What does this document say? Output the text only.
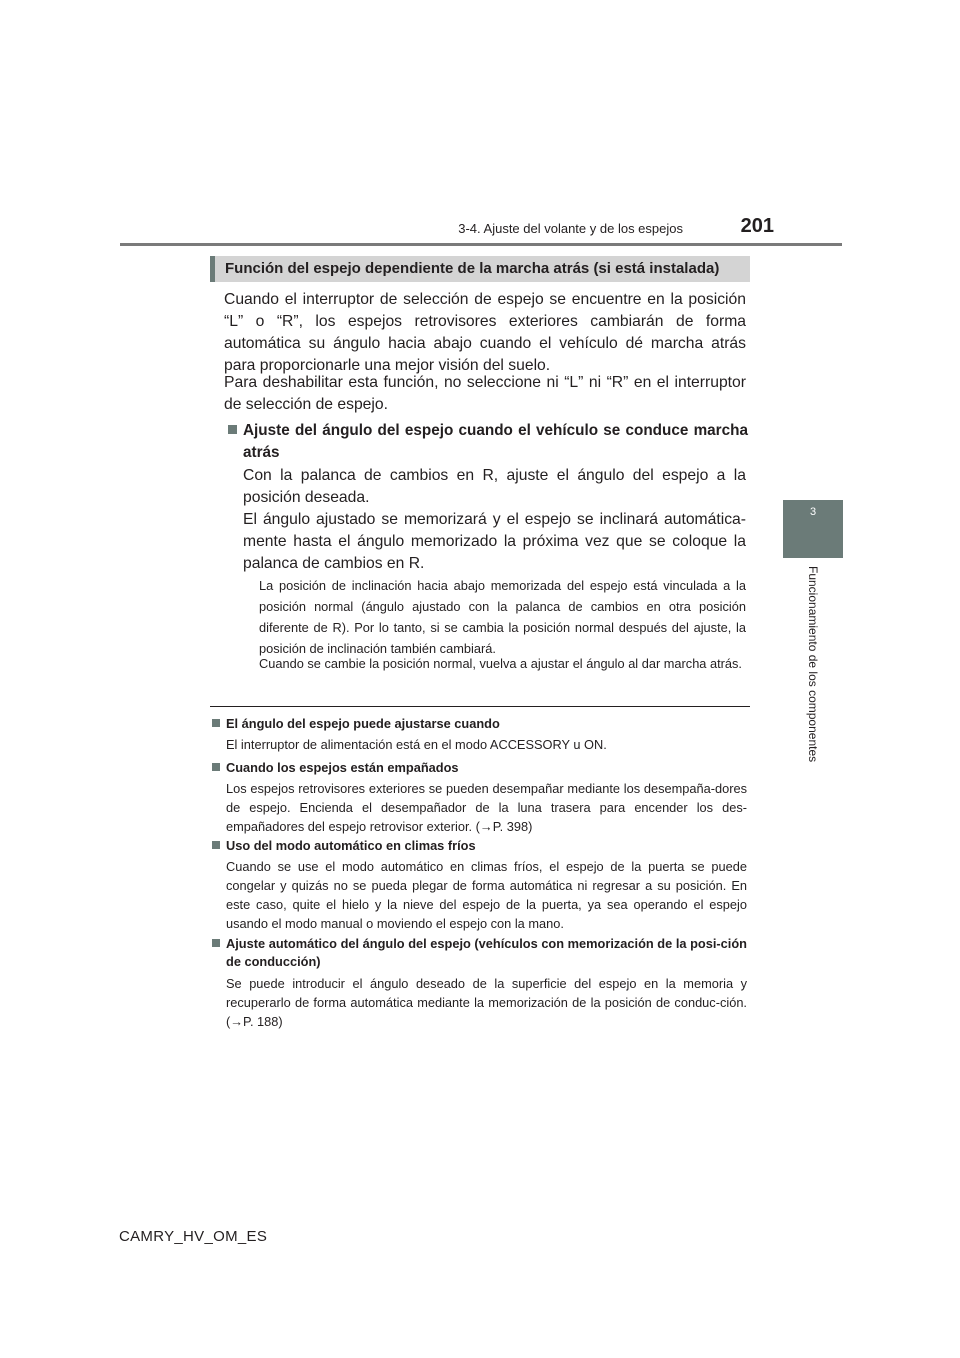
3-4. Ajuste del volante y de los espejos	201
3
Funcionamiento de los componentes
Función del espejo dependiente de la marcha atrás (si está instalada)

Cuando el interruptor de selección de espejo se encuentre en la posición “L” o “R”, los espejos retrovisores exteriores cambiarán de forma automática su ángulo hacia abajo cuando el vehículo dé marcha atrás para proporcionarle una mejor visión del suelo.

Para deshabilitar esta función, no seleccione ni “L” ni “R” en el interruptor de selección de espejo.

Ajuste del ángulo del espejo cuando el vehículo se conduce marcha atrás

Con la palanca de cambios en R, ajuste el ángulo del espejo a la posición deseada.

El ángulo ajustado se memorizará y el espejo se inclinará automática-mente hasta el ángulo memorizado la próxima vez que se coloque la palanca de cambios en R.

La posición de inclinación hacia abajo memorizada del espejo está vinculada a la posición normal (ángulo ajustado con la palanca de cambios en otra posición diferente de R). Por lo tanto, si se cambia la posición normal después del ajuste, la posición de inclinación también cambiará.

Cuando se cambie la posición normal, vuelva a ajustar el ángulo al dar marcha atrás.

El ángulo del espejo puede ajustarse cuando

El interruptor de alimentación está en el modo ACCESSORY u ON.

Cuando los espejos están empañados

Los espejos retrovisores exteriores se pueden desempañar mediante los desempaña-dores de espejo. Encienda el desempañador de la luna trasera para encender los des-empañadores del espejo retrovisor exterior. (→P. 398)

Uso del modo automático en climas fríos

Cuando se use el modo automático en climas fríos, el espejo de la puerta se puede congelar y quizás no se pueda plegar de forma automática ni regresar a su posición. En este caso, quite el hielo y la nieve del espejo de la puerta, ya sea operando el espejo usando el modo manual o moviendo el espejo con la mano.

Ajuste automático del ángulo del espejo (vehículos con memorización de la posi-ción de conducción)

Se puede introducir el ángulo deseado de la superficie del espejo en la memoria y recuperarlo de forma automática mediante la memorización de la posición de conduc-ción. (→P. 188)

CAMRY_HV_OM_ES
